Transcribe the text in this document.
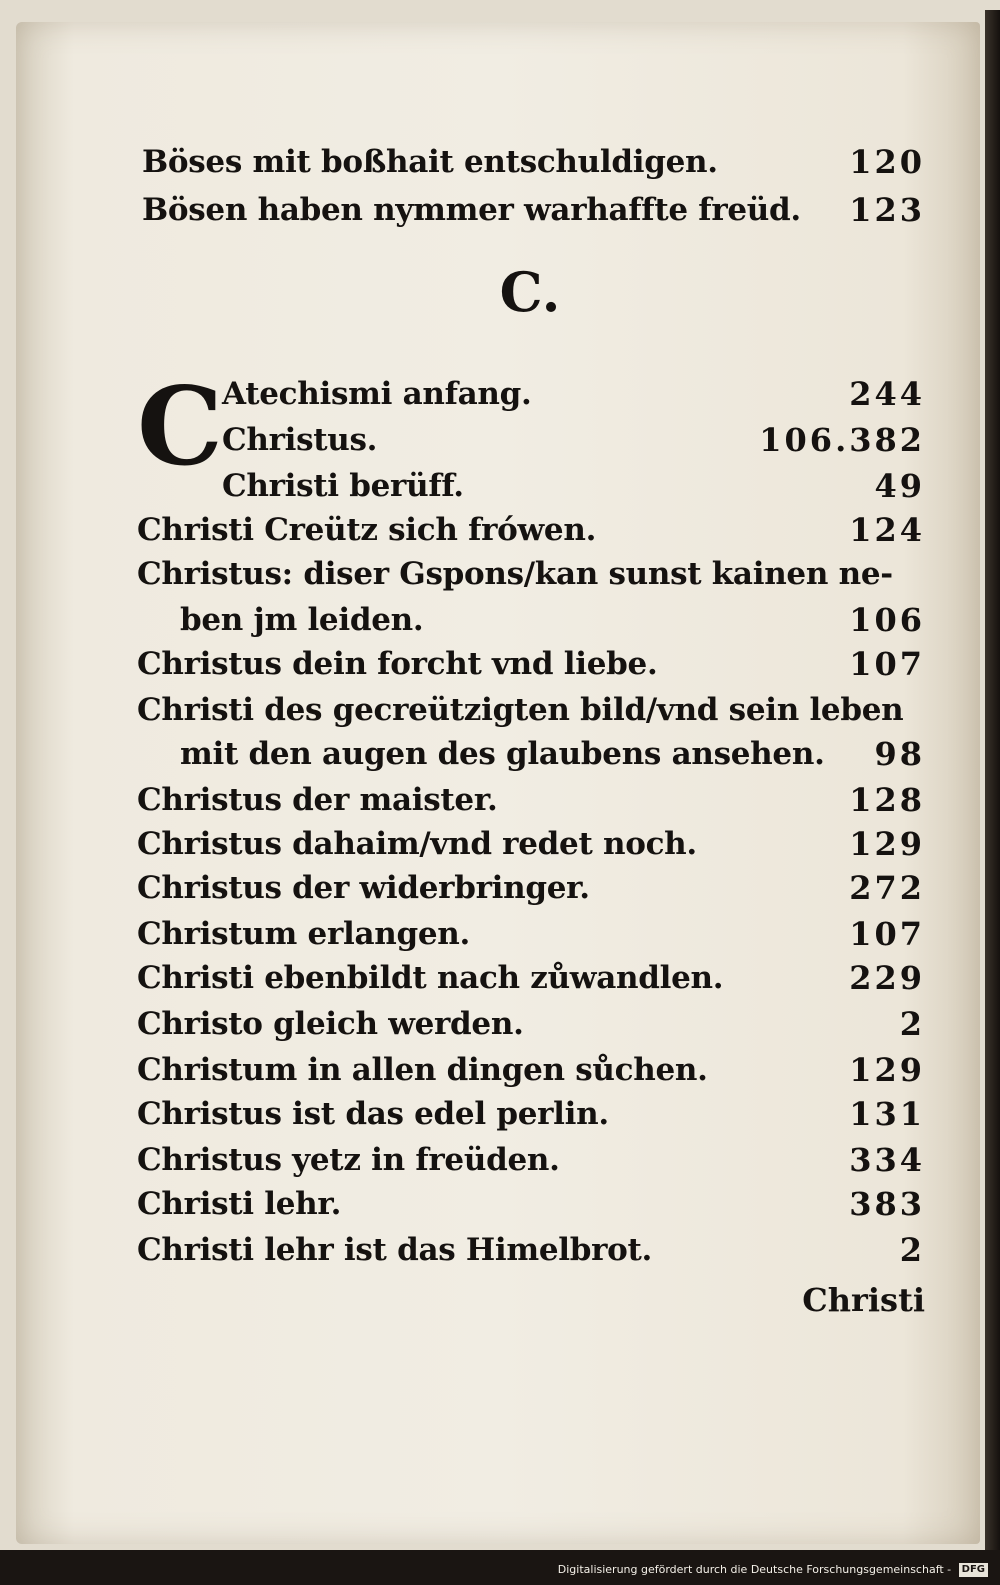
Böses mit boßhait entschuldigen.	120
Bösen haben nymmer warhaffte freüd. 123
C.
C Atechismi anfang.	244
Christus.	106.382
Christi berüff.	49
Christi Creütz sich frówen.	124
Christus: diser Gspons/kan sunst kainen ne-
ben jm leiden.	106
Christus dein forcht vnd liebe.	107
Christi des gecreützigten bild/vnd sein leben
mit den augen des glaubens ansehen. 98
Christus der maister.	128
Christus dahaim/vnd redet noch.	129
Christus der widerbringer.	272
Christum erlangen.	107
Christi ebenbildt nach zůwandlen.	229
Christo gleich werden.	2
Christum in allen dingen sůchen.	129
Christus ist das edel perlin.	131
Christus yetz in freüden.	334
Christi lehr.	383
Christi lehr ist das Himelbrot.	2
Christi
Digitalisierung gefördert durch die Deutsche Forschungsgemeinschaft - DFG
